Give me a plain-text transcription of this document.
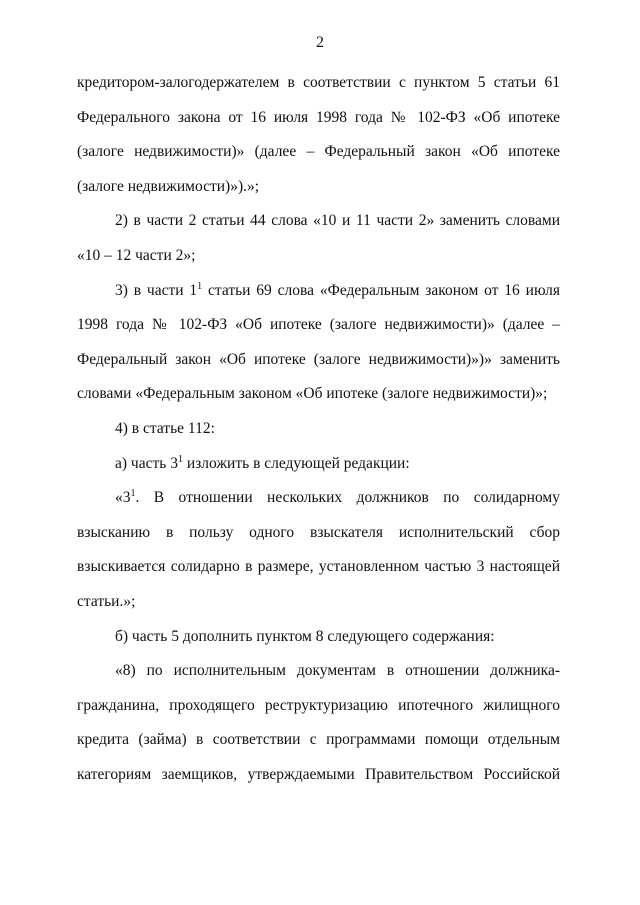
2

кредитором-залогодержателем в соответствии с пунктом 5 статьи 61 Федерального закона от 16 июля 1998 года № 102-ФЗ «Об ипотеке (залоге недвижимости)» (далее – Федеральный закон «Об ипотеке (залоге недвижимости)»).»;

2) в части 2 статьи 44 слова «10 и 11 части 2» заменить словами «10 – 12 части 2»;

3) в части $1^1$ статьи 69 слова «Федеральным законом от 16 июля 1998 года № 102-ФЗ «Об ипотеке (залоге недвижимости)» (далее – Федеральный закон «Об ипотеке (залоге недвижимости)»)» заменить словами «Федеральным законом «Об ипотеке (залоге недвижимости)»;

4) в статье 112:

а) часть $3^1$ изложить в следующей редакции:

«$3^1$. В отношении нескольких должников по солидарному взысканию в пользу одного взыскателя исполнительский сбор взыскивается солидарно в размере, установленном частью 3 настоящей статьи.»;

б) часть 5 дополнить пунктом 8 следующего содержания:

«8) по исполнительным документам в отношении должника-гражданина, проходящего реструктуризацию ипотечного жилищного кредита (займа) в соответствии с программами помощи отдельным категориям заемщиков, утверждаемыми Правительством Российской
